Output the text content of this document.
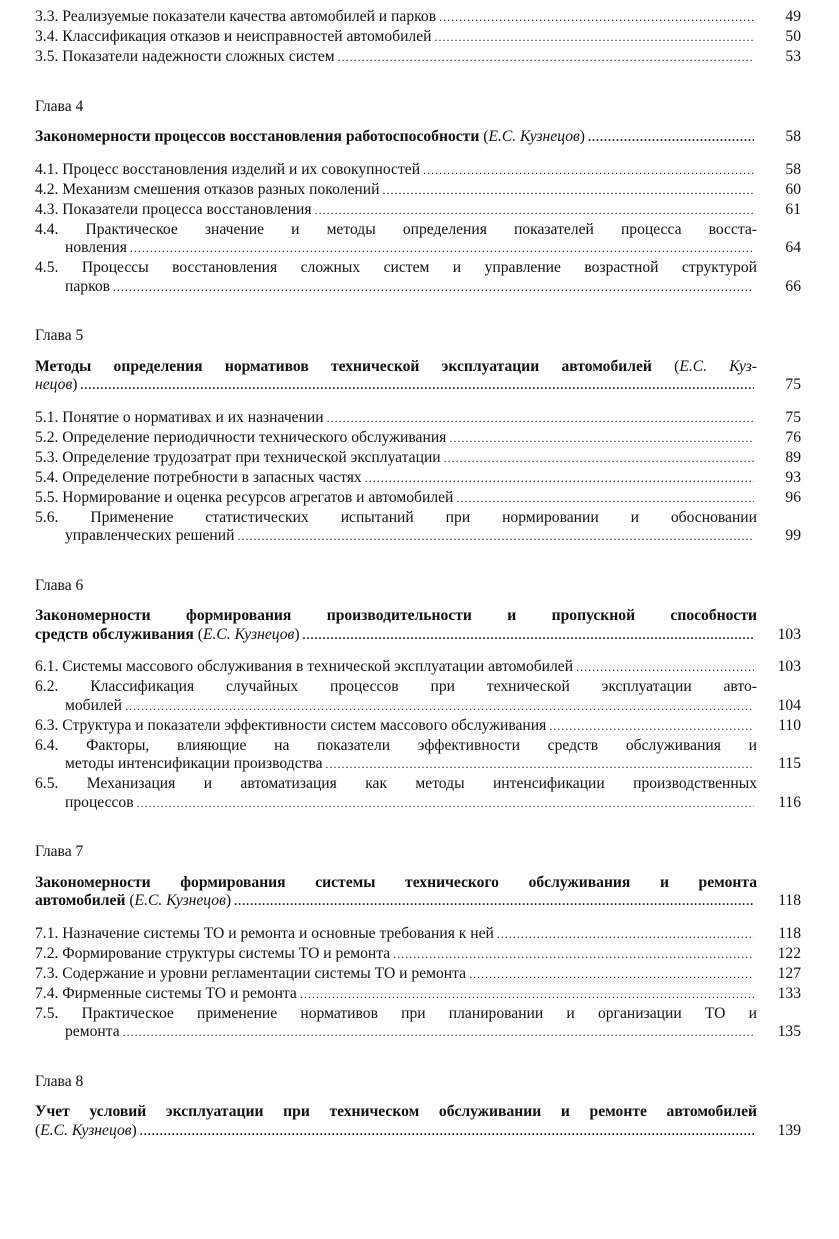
3.3. Реализуемые показатели качества автомобилей и парков . . .	49
3.4. Классификация отказов и неисправностей автомобилей . . .	50
3.5. Показатели надежности сложных систем . . .	53
Глава 4
Закономерности процессов восстановления работоспособности (Е.С. Кузнецов) . . .	58
4.1. Процесс восстановления изделий и их совокупностей . . .	58
4.2. Механизм смешения отказов разных поколений . . .	60
4.3. Показатели процесса восстановления . . .	61
4.4. Практическое значение и методы определения показателей процесса восста-
новления . . .	64
4.5. Процессы восстановления сложных систем и управление возрастной структурой
парков . . .	66
Глава 5
Методы определения нормативов технической эксплуатации автомобилей (Е.С. Куз-
нецов) . . .	75
5.1. Понятие о нормативах и их назначении . . .	75
5.2. Определение периодичности технического обслуживания . . .	76
5.3. Определение трудозатрат при технической эксплуатации . . .	89
5.4. Определение потребности в запасных частях . . .	93
5.5. Нормирование и оценка ресурсов агрегатов и автомобилей . . .	96
5.6. Применение статистических испытаний при нормировании и обосновании
управленческих решений . . .	99
Глава 6
Закономерности формирования производительности и пропускной способности
средств обслуживания (Е.С. Кузнецов) . . .	103
6.1. Системы массового обслуживания в технической эксплуатации автомобилей . . .	103
6.2. Классификация случайных процессов при технической эксплуатации авто-
мобилей . . .	104
6.3. Структура и показатели эффективности систем массового обслуживания . . .	110
6.4. Факторы, влияющие на показатели эффективности средств обслуживания и
методы интенсификации производства . . .	115
6.5. Механизация и автоматизация как методы интенсификации производственных
процессов . . .	116
Глава 7
Закономерности формирования системы технического обслуживания и ремонта
автомобилей (Е.С. Кузнецов) . . .	118
7.1. Назначение системы ТО и ремонта и основные требования к ней . . .	118
7.2. Формирование структуры системы ТО и ремонта . . .	122
7.3. Содержание и уровни регламентации системы ТО и ремонта . . .	127
7.4. Фирменные системы ТО и ремонта . . .	133
7.5. Практическое применение нормативов при планировании и организации ТО и
ремонта . . .	135
Глава 8
Учет условий эксплуатации при техническом обслуживании и ремонте автомобилей
(Е.С. Кузнецов) . . .	139
